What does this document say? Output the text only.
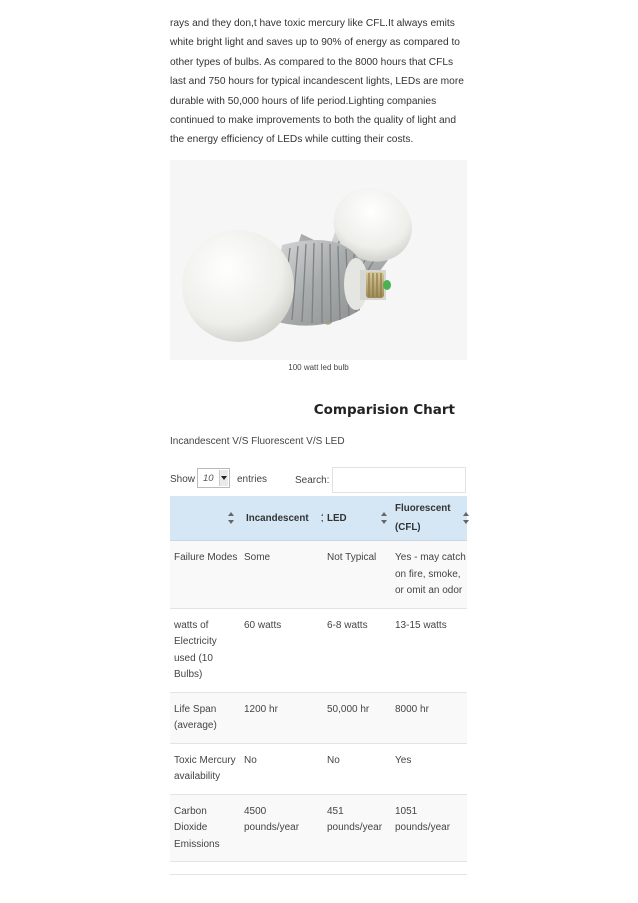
rays and they don,t have toxic mercury like CFL.It always emits white bright light and saves up to 90% of energy as compared to other types of bulbs. As compared to the 8000 hours that CFLs last and 750 hours for typical incandescent lights, LEDs are more durable with 50,000 hours of life period.Lighting companies continued to make improvements to both the quality of light and the energy efficiency of LEDs while cutting their costs.

100 watt led bulb
Comparision Chart
Incandescent V/S Fluorescent V/S LED
Show 10 entries	Search:
	Incandescent	LED	Fluorescent (CFL)

Failure Modes	Some	Not Typical	Yes - may catch on fire, smoke, or omit an odor
watts of Electricity used (10 Bulbs)	60 watts	6-8 watts	13-15 watts
Life Span (average)	1200 hr	50,000 hr	8000 hr
Toxic Mercury availability	No	No	Yes
Carbon Dioxide Emissions	4500 pounds/year	451 pounds/year	1051 pounds/year
